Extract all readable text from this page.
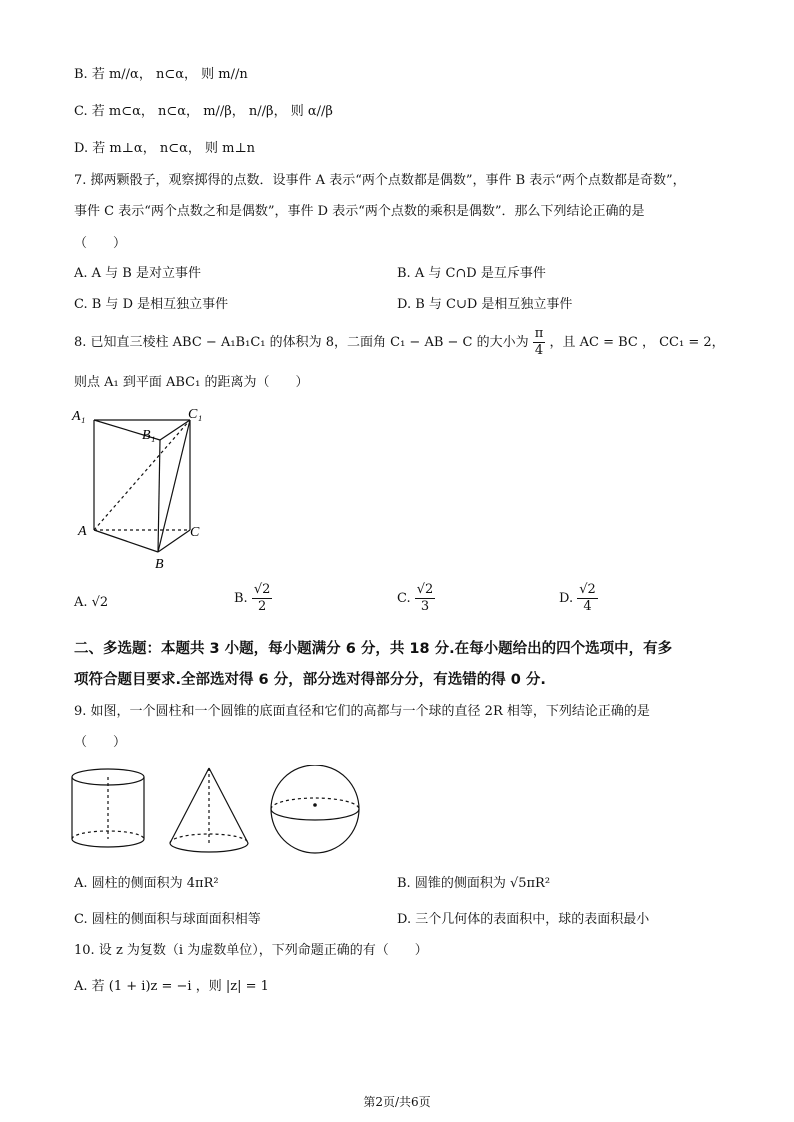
B. 若 m//α， n⊂α， 则 m//n
C. 若 m⊂α， n⊂α， m//β， n//β， 则 α//β
D. 若 m⊥α， n⊂α， 则 m⊥n
7. 掷两颗骰子，观察掷得的点数．设事件 A 表示“两个点数都是偶数”，事件 B 表示“两个点数都是奇数”，
事件 C 表示“两个点数之和是偶数”，事件 D 表示“两个点数的乘积是偶数”．那么下列结论正确的是
（　　）
A. A 与 B 是对立事件	B. A 与 C∩D 是互斥事件
C. B 与 D 是相互独立事件	D. B 与 C∪D 是相互独立事件
8. 已知直三棱柱 ABC − A₁B₁C₁ 的体积为 8，二面角 C₁ − AB − C 的大小为 $\frac{\pi}{4}$ ，且 AC = BC ， CC₁ = 2，
则点 A₁ 到平面 ABC₁ 的距离为（　　）
A₁
B₁
C₁
A	C
B
A. √2	B. $\frac{√2}{2}$	C. $\frac{√2}{3}$	D. $\frac{√2}{4}$
二、多选题：本题共 3 小题，每小题满分 6 分，共 18 分.在每小题给出的四个选项中，有多
项符合题目要求.全部选对得 6 分，部分选对得部分分，有选错的得 0 分.
9. 如图，一个圆柱和一个圆锥的底面直径和它们的高都与一个球的直径 2R 相等，下列结论正确的是
（　　）
A. 圆柱的侧面积为 4πR²	B. 圆锥的侧面积为 √5πR²
C. 圆柱的侧面积与球面面积相等	D. 三个几何体的表面积中，球的表面积最小
10. 设 z 为复数（i 为虚数单位），下列命题正确的有（　　）
A. 若 (1 + i)z = −i ，则 |z| = 1
第2页/共6页
